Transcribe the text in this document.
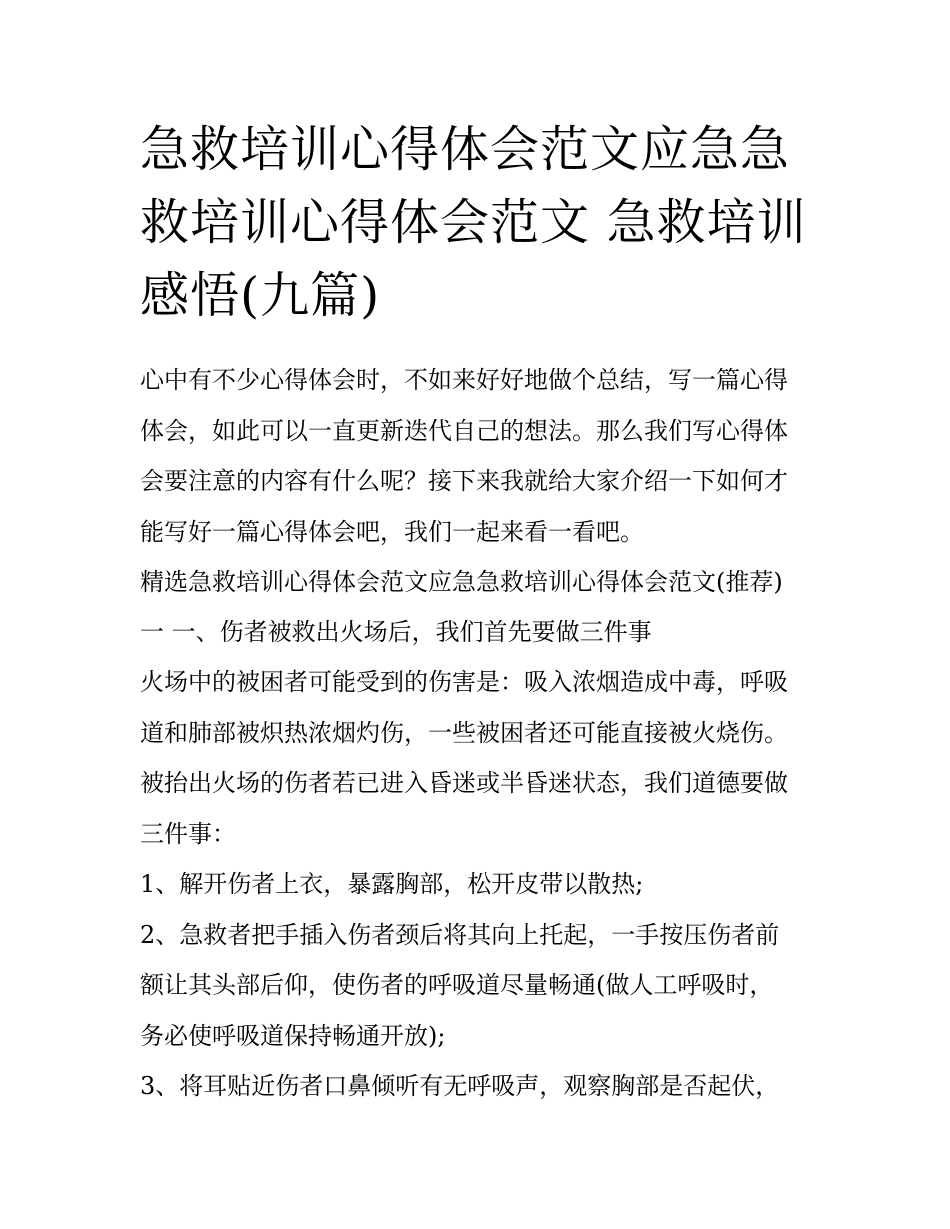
急救培训心得体会范文应急急
救培训心得体会范文 急救培训
感悟(九篇)

心中有不少心得体会时，不如来好好地做个总结，写一篇心得

体会，如此可以一直更新迭代自己的想法。那么我们写心得体

会要注意的内容有什么呢？接下来我就给大家介绍一下如何才

能写好一篇心得体会吧，我们一起来看一看吧。

精选急救培训心得体会范文应急急救培训心得体会范文(推荐)

一 一、伤者被救出火场后，我们首先要做三件事

火场中的被困者可能受到的伤害是：吸入浓烟造成中毒，呼吸

道和肺部被炽热浓烟灼伤，一些被困者还可能直接被火烧伤。

被抬出火场的伤者若已进入昏迷或半昏迷状态，我们道德要做

三件事：

1、解开伤者上衣，暴露胸部，松开皮带以散热;

2、急救者把手插入伤者颈后将其向上托起，一手按压伤者前

额让其头部后仰，使伤者的呼吸道尽量畅通(做人工呼吸时，

务必使呼吸道保持畅通开放);

3、将耳贴近伤者口鼻倾听有无呼吸声，观察胸部是否起伏，
